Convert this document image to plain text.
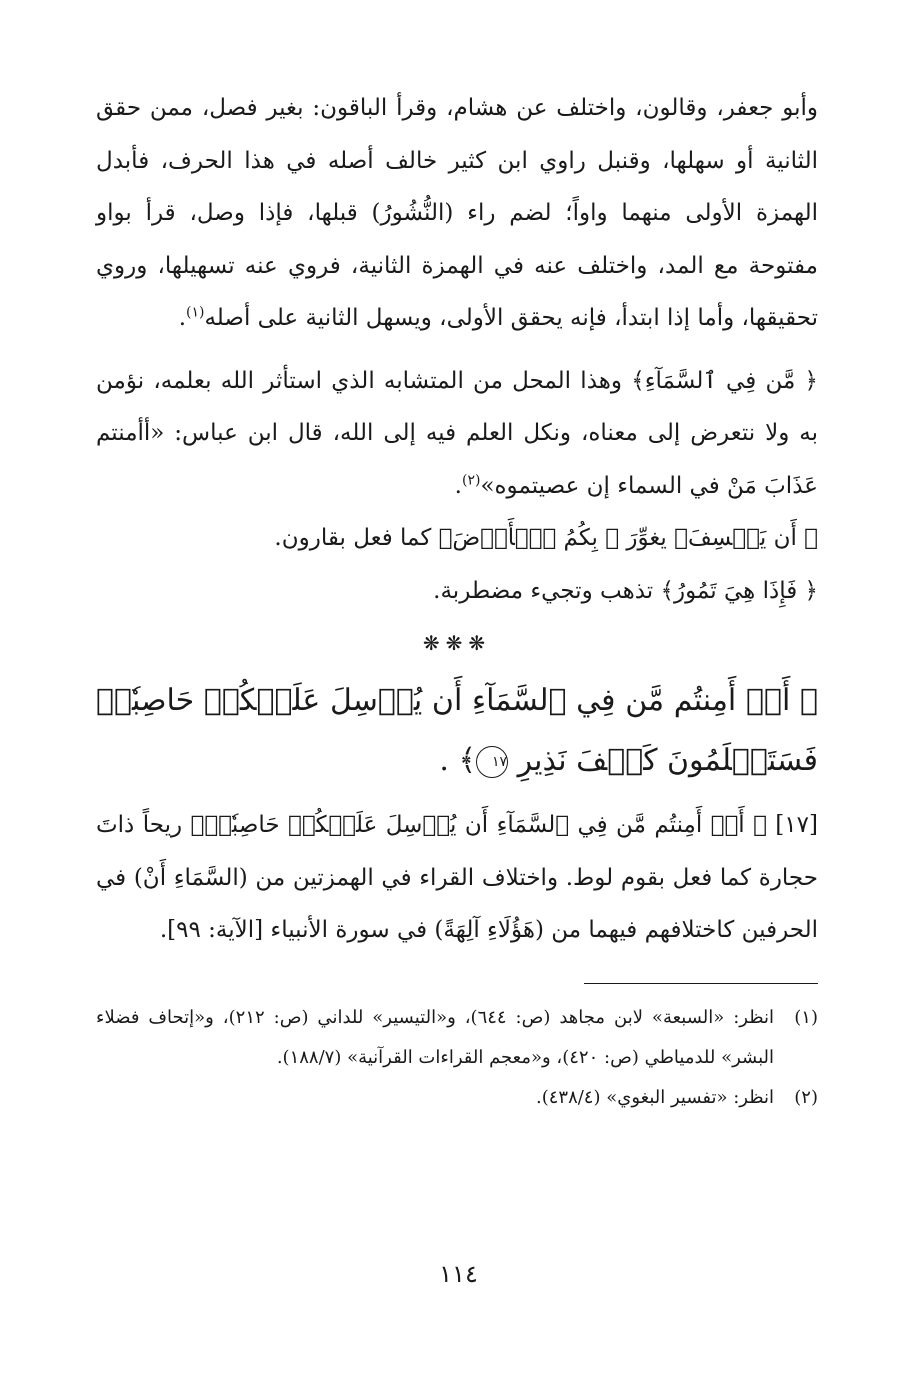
وأبو جعفر، وقالون، واختلف عن هشام، وقرأ الباقون: بغير فصل، ممن حقق الثانية أو سهلها، وقنبل راوي ابن كثير خالف أصله في هذا الحرف، فأبدل الهمزة الأولى منهما واواً؛ لضم راء (النُّشُورُ) قبلها، فإذا وصل، قرأ بواو مفتوحة مع المد، واختلف عنه في الهمزة الثانية، فروي عنه تسهيلها، وروي تحقيقها، وأما إذا ابتدأ، فإنه يحقق الأولى، ويسهل الثانية على أصله$^{(١)}$.

﴿ مَّن فِي ٱلسَّمَآءِ﴾ وهذا المحل من المتشابه الذي استأثر الله بعلمه، نؤمن به ولا نتعرض إلى معناه، ونكل العلم فيه إلى الله، قال ابن عباس: «أأمنتم عَذَابَ مَنْ في السماء إن عصيتموه»$^{(٢)}$.

﴿ أَن يَخۡسِفَ﴾ يغوِّرَ ﴿ بِكُمُ ٱلۡأَرۡضَ﴾ كما فعل بقارون.

﴿ فَإِذَا هِيَ تَمُورُ﴾ تذهب وتجيء مضطربة.

❋❋❋

﴿ أَمۡ أَمِنتُم مَّن فِي ٱلسَّمَآءِ أَن يُرۡسِلَ عَلَيۡكُمۡ حَاصِبٗاۖ فَسَتَعۡلَمُونَ كَيۡفَ نَذِيرِ ١٧﴾ .

[١٧] ﴿ أَمۡ أَمِنتُم مَّن فِي ٱلسَّمَآءِ أَن يُرۡسِلَ عَلَيۡكُمۡ حَاصِبٗاۖ﴾ ريحاً ذاتَ حجارة كما فعل بقوم لوط. واختلاف القراء في الهمزتين من (السَّمَاءِ أَنْ) في الحرفين كاختلافهم فيهما من (هَؤُلَاءِ آلِهَةً) في سورة الأنبياء [الآية: ٩٩].

(١)
انظر: «السبعة» لابن مجاهد (ص: ٦٤٤)، و«التيسير» للداني (ص: ٢١٢)، و«إتحاف فضلاء البشر» للدمياطي (ص: ٤٢٠)، و«معجم القراءات القرآنية» (١٨٨/٧).
(٢)
انظر: «تفسير البغوي» (٤٣٨/٤).
١١٤
